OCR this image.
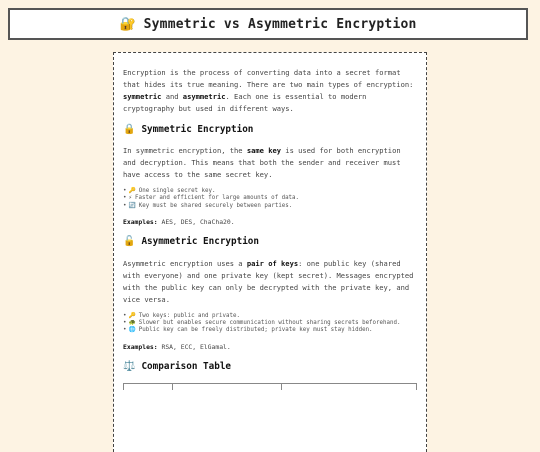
🔐 Symmetric vs Asymmetric Encryption

Encryption is the process of converting data into a secret format that hides its true meaning. There are two main types of encryption: symmetric and asymmetric. Each one is essential to modern cryptography but used in different ways.

🔒 Symmetric Encryption

In symmetric encryption, the same key is used for both encryption and decryption. This means that both the sender and receiver must have access to the same secret key.

• 🔑 One single secret key.
• ⚡ Faster and efficient for large amounts of data.
• 🔄 Key must be shared securely between parties.

Examples: AES, DES, ChaCha20.

🔓 Asymmetric Encryption

Asymmetric encryption uses a pair of keys: one public key (shared with everyone) and one private key (kept secret). Messages encrypted with the public key can only be decrypted with the private key, and vice versa.

• 🔑 Two keys: public and private.
• 🐢 Slower but enables secure communication without sharing secrets beforehand.
• 🌐 Public key can be freely distributed; private key must stay hidden.

Examples: RSA, ECC, ElGamal.

⚖️ Comparison Table
